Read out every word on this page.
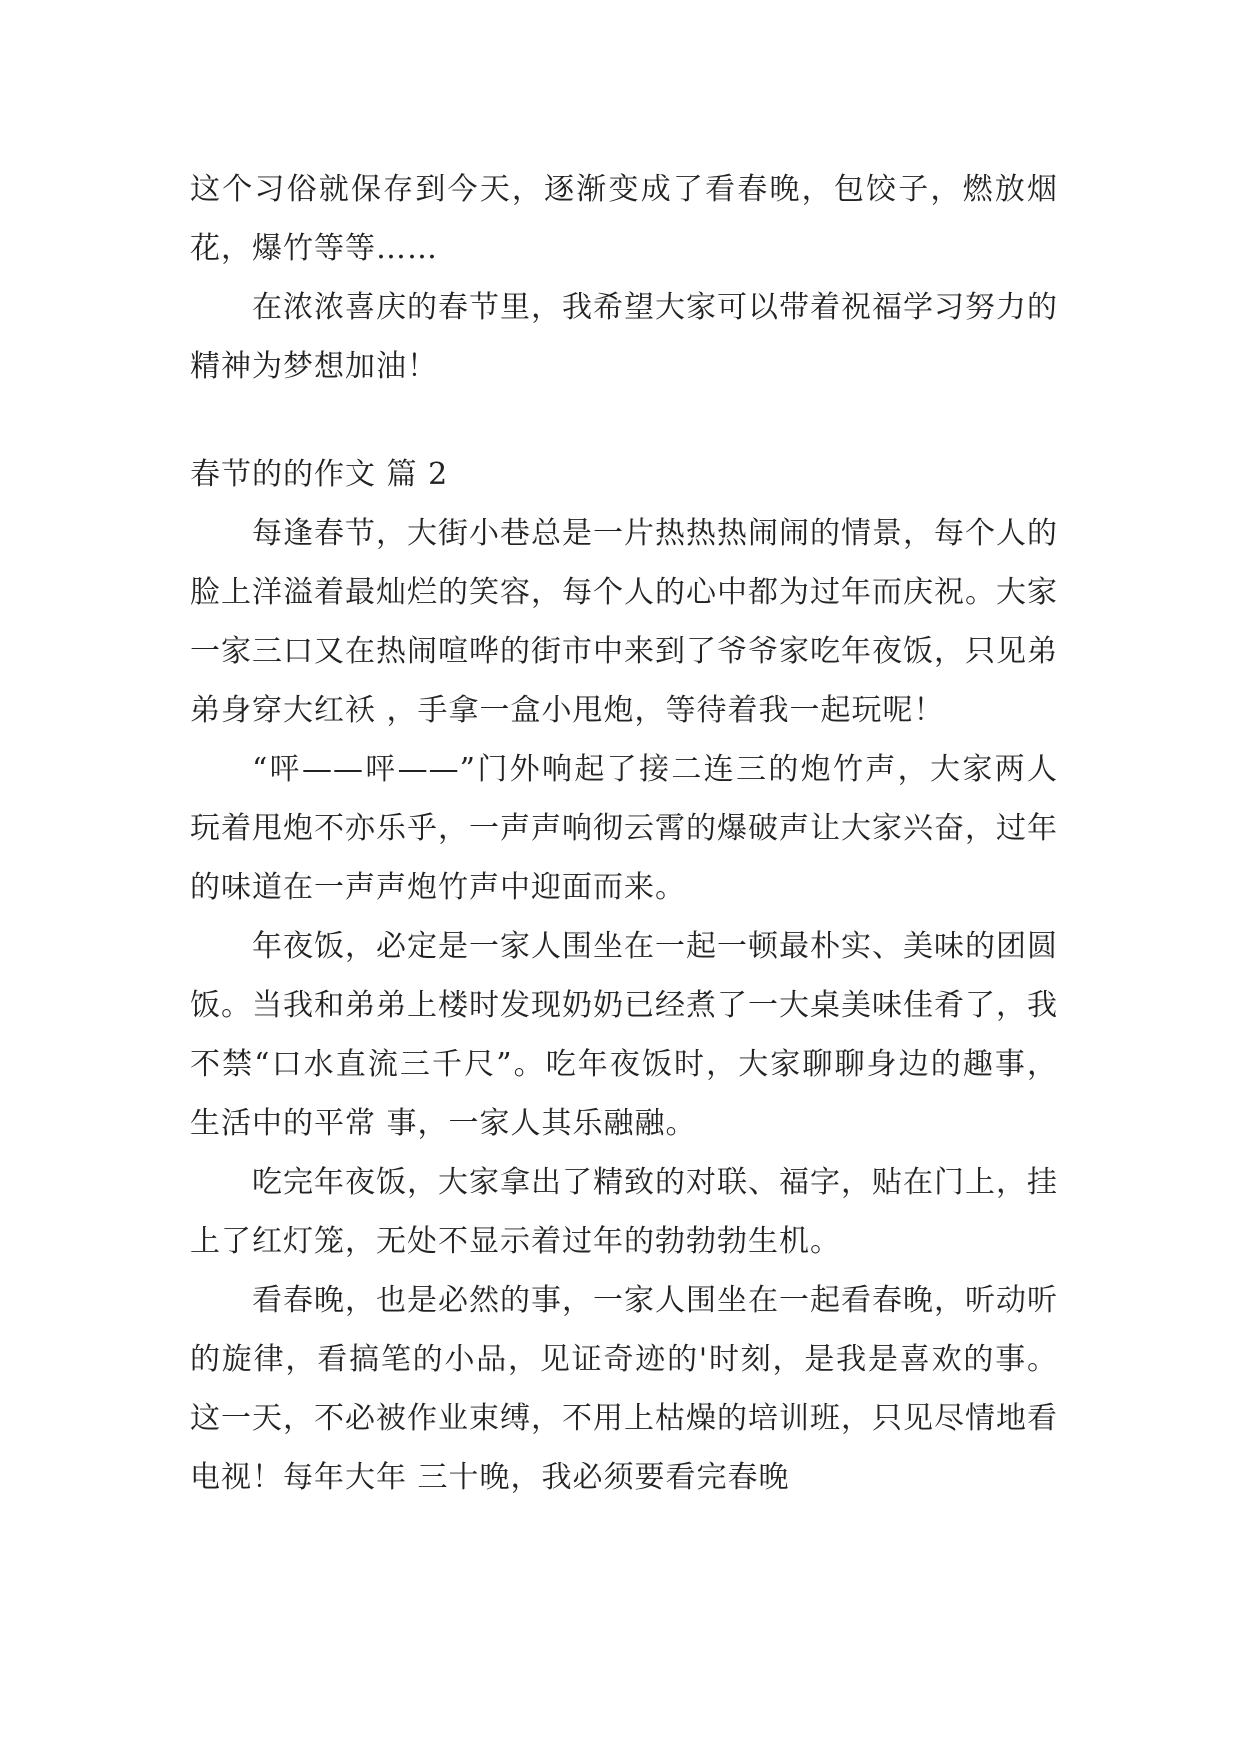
这个习俗就保存到今天，逐渐变成了看春晚，包饺子，燃放烟花，爆竹等等……

在浓浓喜庆的春节里，我希望大家可以带着祝福学习努力的精神为梦想加油！

春节的的作文 篇 2

每逢春节，大街小巷总是一片热热热闹闹的情景，每个人的脸上洋溢着最灿烂的笑容，每个人的心中都为过年而庆祝。大家一家三口又在热闹喧哗的街市中来到了爷爷家吃年夜饭，只见弟弟身穿大红袄 ，手拿一盒小甩炮，等待着我一起玩呢！

“呯——呯——”门外响起了接二连三的炮竹声，大家两人玩着甩炮不亦乐乎，一声声响彻云霄的爆破声让大家兴奋，过年的味道在一声声炮竹声中迎面而来。

年夜饭，必定是一家人围坐在一起一顿最朴实、美味的团圆饭。当我和弟弟上楼时发现奶奶已经煮了一大桌美味佳肴了，我不禁“口水直流三千尺”。吃年夜饭时，大家聊聊身边的趣事，生活中的平常 事，一家人其乐融融。

吃完年夜饭，大家拿出了精致的对联、福字，贴在门上，挂上了红灯笼，无处不显示着过年的勃勃勃生机。

看春晚，也是必然的事，一家人围坐在一起看春晚，听动听的旋律，看搞笔的小品，见证奇迹的'时刻，是我是喜欢的事。这一天，不必被作业束缚，不用上枯燥的培训班，只见尽情地看电视！每年大年 三十晚，我必须要看完春晚
